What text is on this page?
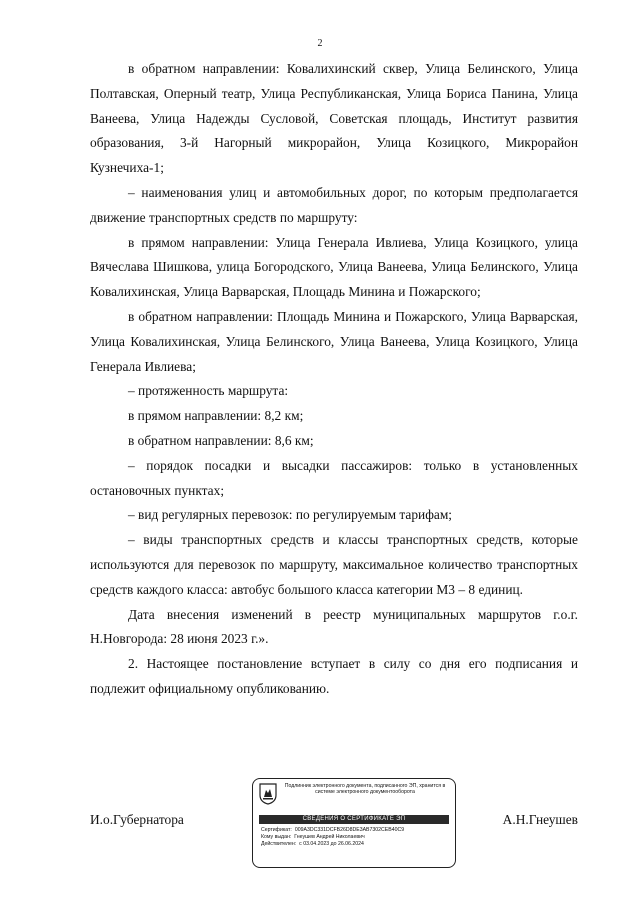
2

в обратном направлении: Ковалихинский сквер, Улица Белинского, Улица Полтавская, Оперный театр, Улица Республиканская, Улица Бориса Панина, Улица Ванеева, Улица Надежды Сусловой, Советская площадь, Институт развития образования, 3-й Нагорный микрорайон, Улица Козицкого, Микрорайон Кузнечиха-1;

– наименования улиц и автомобильных дорог, по которым предполагается движение транспортных средств по маршруту:

в прямом направлении: Улица Генерала Ивлиева, Улица Козицкого, улица Вячеслава Шишкова, улица Богородского, Улица Ванеева, Улица Белинского, Улица Ковалихинская, Улица Варварская, Площадь Минина и Пожарского;

в обратном направлении: Площадь Минина и Пожарского, Улица Варварская, Улица Ковалихинская, Улица Белинского, Улица Ванеева, Улица Козицкого, Улица Генерала Ивлиева;

– протяженность маршрута:

в прямом направлении: 8,2 км;

в обратном направлении: 8,6 км;

– порядок посадки и высадки пассажиров: только в установленных остановочных пунктах;

– вид регулярных перевозок: по регулируемым тарифам;

– виды транспортных средств и классы транспортных средств, которые используются для перевозок по маршруту, максимальное количество транспортных средств каждого класса: автобус большого класса категории М3 – 8 единиц.

Дата внесения изменений в реестр муниципальных маршрутов г.о.г. Н.Новгорода: 28 июня 2023 г.».

2. Настоящее постановление вступает в силу со дня его подписания и подлежит официальному опубликованию.

И.о.Губернатора	А.Н.Гнеушев
Подлинник электронного документа, подписанного ЭП, хранится в системе электронного документооборота
СВЕДЕНИЯ О СЕРТИФИКАТЕ ЭП
Сертификат: 009A3DC331DCFB26D8DE3AB7302CEB40C9
Кому выдан: Гнеушев Андрей Николаевич
Действителен: с 03.04.2023 до 26.06.2024
